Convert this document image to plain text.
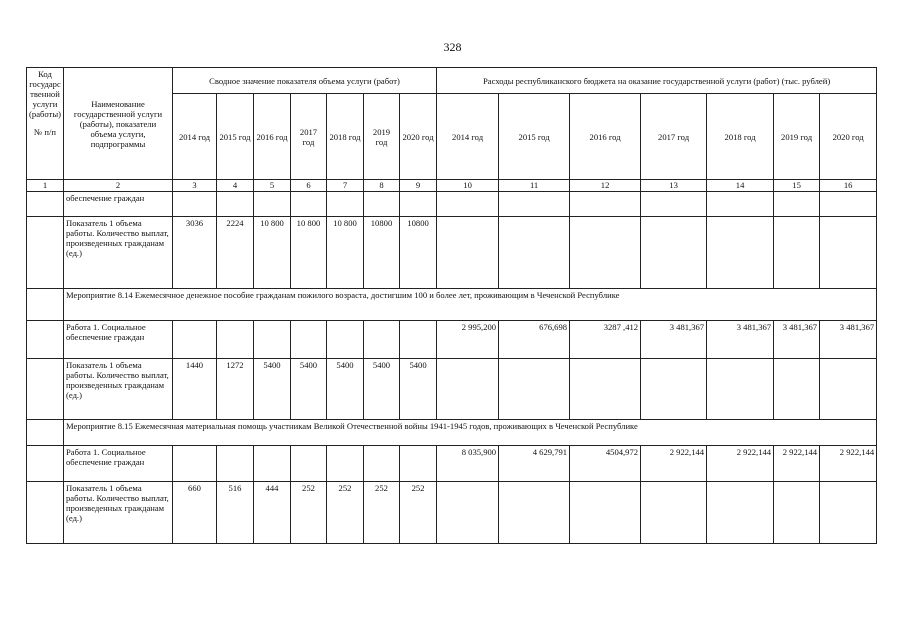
328
Код государственной услуги (работы)
№ п/п	Наименование государственной услуги (работы), показатели объема услуги, подпрограммы	Сводное значение показателя объема услуги (работ)							Расходы республиканского бюджета на оказание государственной услуги (работ) (тыс. рублей)						
		2014 год	2015 год	2016 год	2017 год	2018 год	2019 год	2020 год	2014 год	2015 год	2016 год	2017 год	2018 год	2019 год	2020 год
1	2	3	4	5	6	7	8	9	10	11	12	13	14	15	16
	обеспечение граждан														
	Показатель 1 объема работы. Количество выплат, произведенных гражданам (ед.)	3036	2224	10 800	10 800	10 800	10800	10800							
	Мероприятие 8.14 Ежемесячное денежное пособие гражданам пожилого возраста, достигшим 100 и более лет, проживающим в Чеченской Республике														
	Работа 1. Социальное обеспечение граждан								2 995,200	676,698	3287 ,412	3 481,367	3 481,367	3 481,367	3 481,367
	Показатель 1 объема работы. Количество выплат, произведенных гражданам (ед.)	1440	1272	5400	5400	5400	5400	5400							
	Мероприятие 8.15 Ежемесячная материальная помощь участникам Великой Отечественной войны 1941-1945 годов, проживающих в Чеченской Республике														
	Работа 1. Социальное обеспечение граждан								8 035,900	4 629,791	4504,972	2 922,144	2 922,144	2 922,144	2 922,144
	Показатель 1 объема работы. Количество выплат, произведенных гражданам (ед.)	660	516	444	252	252	252	252							
